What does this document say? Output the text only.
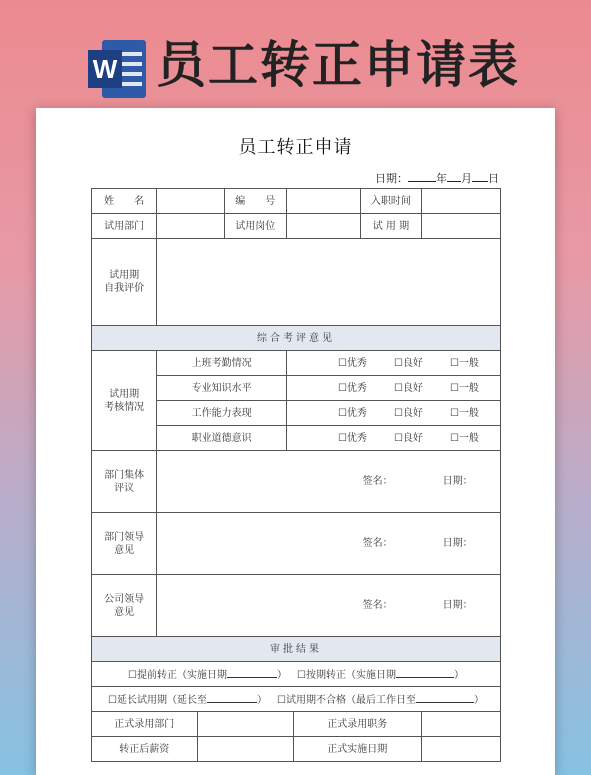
W 员工转正申请表
员工转正申请
日期：	年 月 日
姓　　名			编　　号			入职时间	
试用部门			试用岗位			试 用 期	
试用期
自我评价							
综合考评意见							
试用期
考核情况	上班考勤情况			☐优秀 ☐良好 ☐一般			
	专业知识水平			☐优秀 ☐良好 ☐一般			
	工作能力表现			☐优秀 ☐良好 ☐一般			
	职业道德意识			☐优秀 ☐良好 ☐一般			
部门集体
评议	签名： 日期：						
部门领导
意见	签名： 日期：						
公司领导
意见	签名： 日期：						
审批结果							
☐提前转正（实施日期 ） ☐按期转正（实施日期 ）							
☐延长试用期（延长至 ） ☐试用期不合格（最后工作日至 ）							
正式录用部门					正式录用职务		
转正后薪资					正式实施日期		
